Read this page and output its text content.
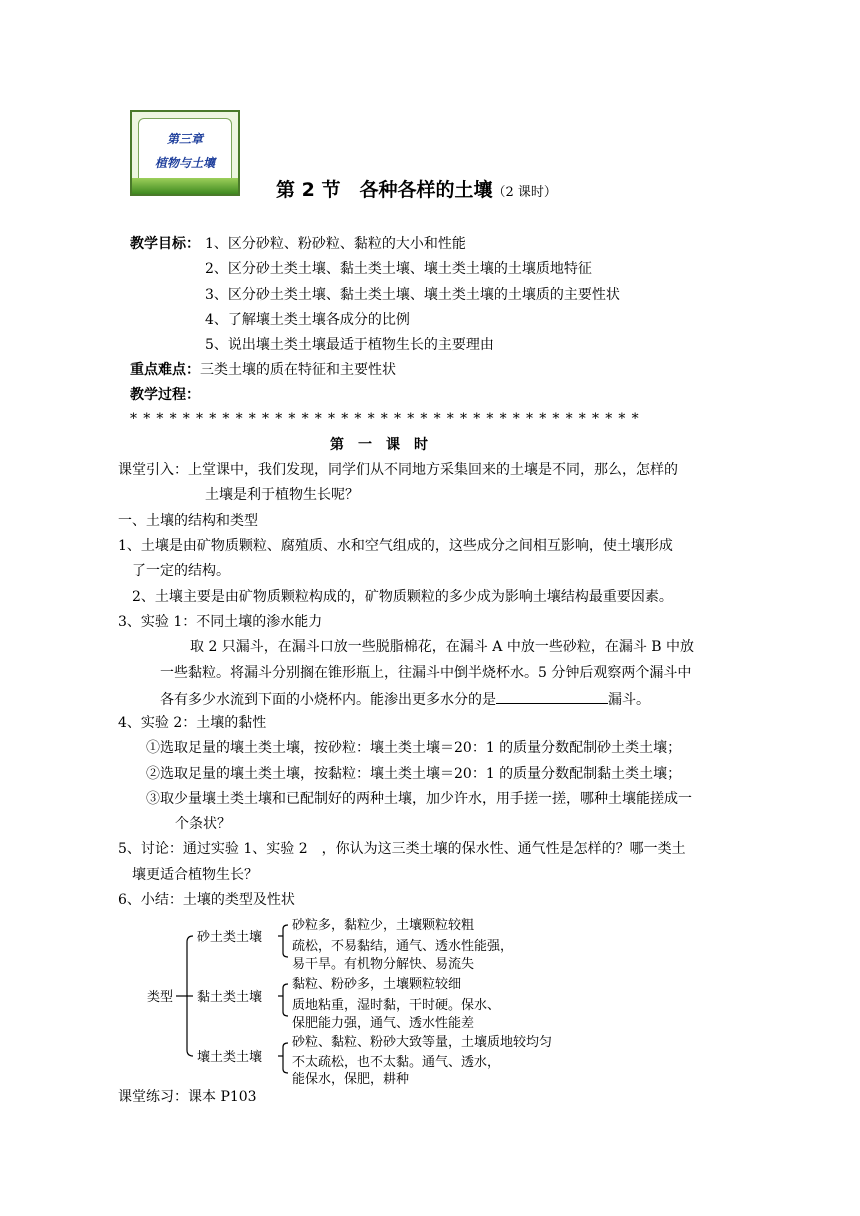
第三章
植物与土壤
第 2 节　各种各样的土壤（2 课时）
教学目标： 1、区分砂粒、粉砂粒、黏粒的大小和性能
2、区分砂土类土壤、黏土类土壤、壤土类土壤的土壤质地特征
3、区分砂土类土壤、黏土类土壤、壤土类土壤的土壤质的主要性状
4、了解壤土类土壤各成分的比例
5、说出壤土类土壤最适于植物生长的主要理由
重点难点：三类土壤的质在特征和主要性状
教学过程：
***************************************
第　一　课　时
课堂引入：上堂课中，我们发现，同学们从不同地方采集回来的土壤是不同，那么，怎样的
土壤是利于植物生长呢？
一、土壤的结构和类型
1、土壤是由矿物质颗粒、腐殖质、水和空气组成的，这些成分之间相互影响，使土壤形成
了一定的结构。
2、土壤主要是由矿物质颗粒构成的，矿物质颗粒的多少成为影响土壤结构最重要因素。
3、实验 1：不同土壤的渗水能力
取 2 只漏斗，在漏斗口放一些脱脂棉花，在漏斗 A 中放一些砂粒，在漏斗 B 中放
一些黏粒。将漏斗分别搁在锥形瓶上，往漏斗中倒半烧杯水。5 分钟后观察两个漏斗中
各有多少水流到下面的小烧杯内。能渗出更多水分的是	漏斗。
4、实验 2：土壤的黏性
①选取足量的壤土类土壤，按砂粒：壤土类土壤＝20：1 的质量分数配制砂土类土壤；
②选取足量的壤土类土壤，按黏粒：壤土类土壤＝20：1 的质量分数配制黏土类土壤；
③取少量壤土类土壤和已配制好的两种土壤，加少许水，用手搓一搓，哪种土壤能搓成一
个条状？
5、讨论：通过实验 1、实验 2　，你认为这三类土壤的保水性、通气性是怎样的？哪一类土
壤更适合植物生长？
6、小结：土壤的类型及性状
类型
砂土类土壤
砂粒多，黏粒少，土壤颗粒较粗
疏松，不易黏结，通气、透水性能强，
易干旱。有机物分解快、易流失
黏土类土壤
黏粒、粉砂多，土壤颗粒较细
质地粘重，湿时黏，干时硬。保水、
保肥能力强，通气、透水性能差
壤土类土壤
砂粒、黏粒、粉砂大致等量，土壤质地较均匀
不太疏松，也不太黏。通气、透水，
能保水，保肥，耕种
课堂练习：课本 P103
